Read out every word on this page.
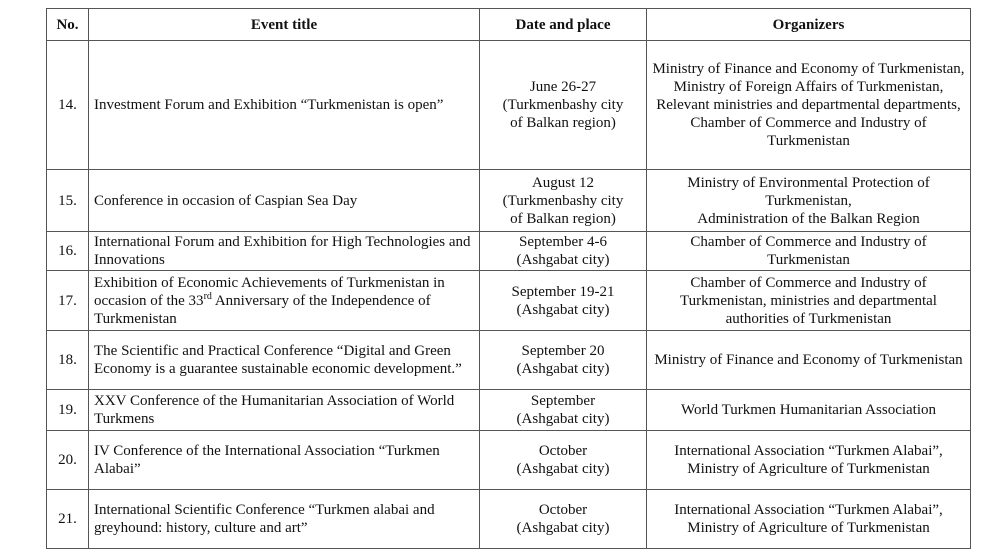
No.	Event title	Date and place	Organizers
14.	Investment Forum and Exhibition “Turkmenistan is open”	June 26-27
(Turkmenbashy city
of Balkan region)	Ministry of Finance and Economy of Turkmenistan, Ministry of Foreign Affairs of Turkmenistan,
Relevant ministries and departmental departments,
Chamber of Commerce and Industry of Turkmenistan

15.	Conference in occasion of Caspian Sea Day	August 12
(Turkmenbashy city
of Balkan region)	Ministry of Environmental Protection of Turkmenistan,
Administration of the Balkan Region

16.	International Forum and Exhibition for High Technologies and Innovations	September 4-6
(Ashgabat city)	Chamber of Commerce and Industry of Turkmenistan

17.	Exhibition of Economic Achievements of Turkmenistan in occasion of the 33rd Anniversary of the Independence of Turkmenistan	September 19-21
(Ashgabat city)	Chamber of Commerce and Industry of Turkmenistan, ministries and departmental authorities of Turkmenistan

18.	The Scientific and Practical Conference “Digital and Green Economy is a guarantee sustainable economic development.”	September 20
(Ashgabat city)	Ministry of Finance and Economy of Turkmenistan

19.	XXV Conference of the Humanitarian Association of World Turkmens	September
(Ashgabat city)	World Turkmen Humanitarian Association

20.	IV Conference of the International Association “Turkmen Alabai”	October
(Ashgabat city)	International Association “Turkmen Alabai”, Ministry of Agriculture of Turkmenistan

21.	International Scientific Conference “Turkmen alabai and greyhound: history, culture and art”	October
(Ashgabat city)	International Association “Turkmen Alabai”, Ministry of Agriculture of Turkmenistan
